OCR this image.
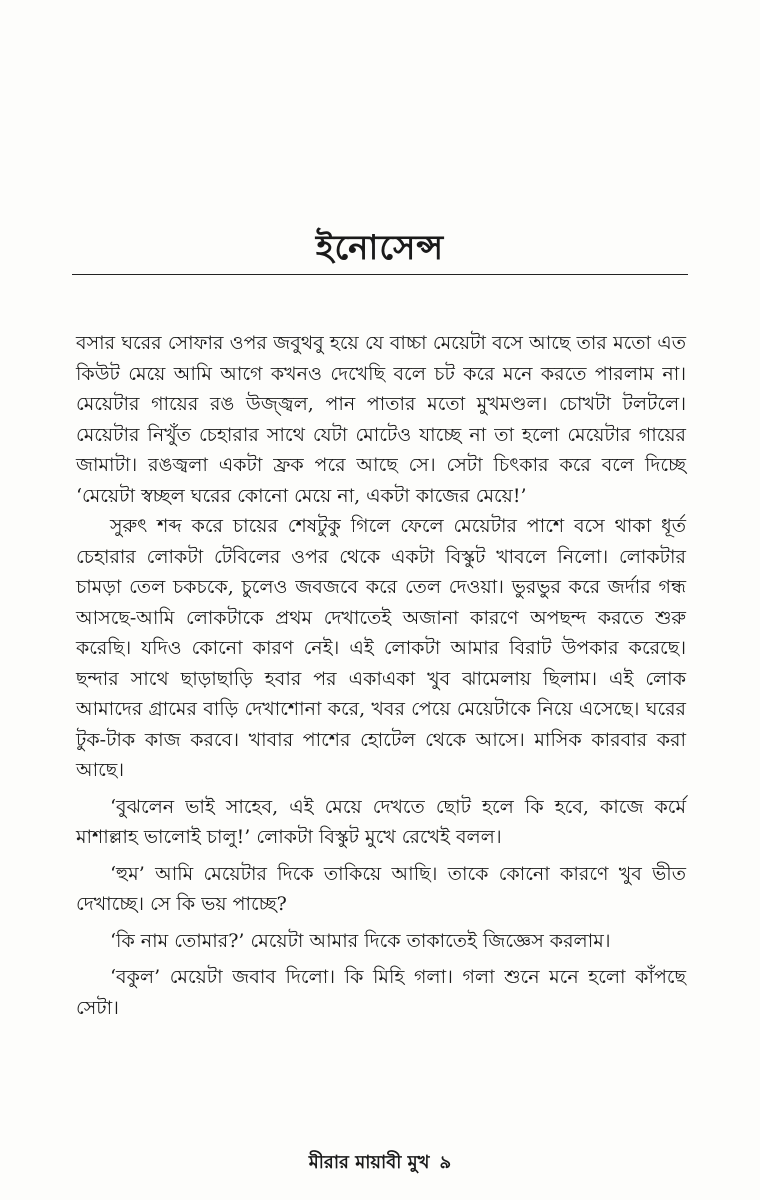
ইনোসেন্স

বসার ঘরের সোফার ওপর জবুথবু হয়ে যে বাচ্চা মেয়েটা বসে আছে তার মতো এত কিউট মেয়ে আমি আগে কখনও দেখেছি বলে চট করে মনে করতে পারলাম না। মেয়েটার গায়ের রঙ উজ্জ্বল, পান পাতার মতো মুখমণ্ডল। চোখটা টলটলে। মেয়েটার নিখুঁত চেহারার সাথে যেটা মোটেও যাচ্ছে না তা হলো মেয়েটার গায়ের জামাটা। রঙজ্বলা একটা ফ্রক পরে আছে সে। সেটা চিৎকার করে বলে দিচ্ছে ‘মেয়েটা স্বচ্ছল ঘরের কোনো মেয়ে না, একটা কাজের মেয়ে!’

সুরুৎ শব্দ করে চায়ের শেষটুকু গিলে ফেলে মেয়েটার পাশে বসে থাকা ধূর্ত চেহারার লোকটা টেবিলের ওপর থেকে একটা বিস্কুট খাবলে নিলো। লোকটার চামড়া তেল চকচকে, চুলেও জবজবে করে তেল দেওয়া। ভুরভুর করে জর্দার গন্ধ আসছে-আমি লোকটাকে প্রথম দেখাতেই অজানা কারণে অপছন্দ করতে শুরু করেছি। যদিও কোনো কারণ নেই। এই লোকটা আমার বিরাট উপকার করেছে। ছন্দার সাথে ছাড়াছাড়ি হবার পর একাএকা খুব ঝামেলায় ছিলাম। এই লোক আমাদের গ্রামের বাড়ি দেখাশোনা করে, খবর পেয়ে মেয়েটাকে নিয়ে এসেছে। ঘরের টুক-টাক কাজ করবে। খাবার পাশের হোটেল থেকে আসে। মাসিক কারবার করা আছে।

‘বুঝলেন ভাই সাহেব, এই মেয়ে দেখতে ছোট হলে কি হবে, কাজে কর্মে মাশাল্লাহ ভালোই চালু!’ লোকটা বিস্কুট মুখে রেখেই বলল।

‘হুম’ আমি মেয়েটার দিকে তাকিয়ে আছি। তাকে কোনো কারণে খুব ভীত দেখাচ্ছে। সে কি ভয় পাচ্ছে?

‘কি নাম তোমার?’ মেয়েটা আমার দিকে তাকাতেই জিজ্ঞেস করলাম।

‘বকুল’ মেয়েটা জবাব দিলো। কি মিহি গলা। গলা শুনে মনে হলো কাঁপছে সেটা।

মীরার মায়াবী মুখ ৯
